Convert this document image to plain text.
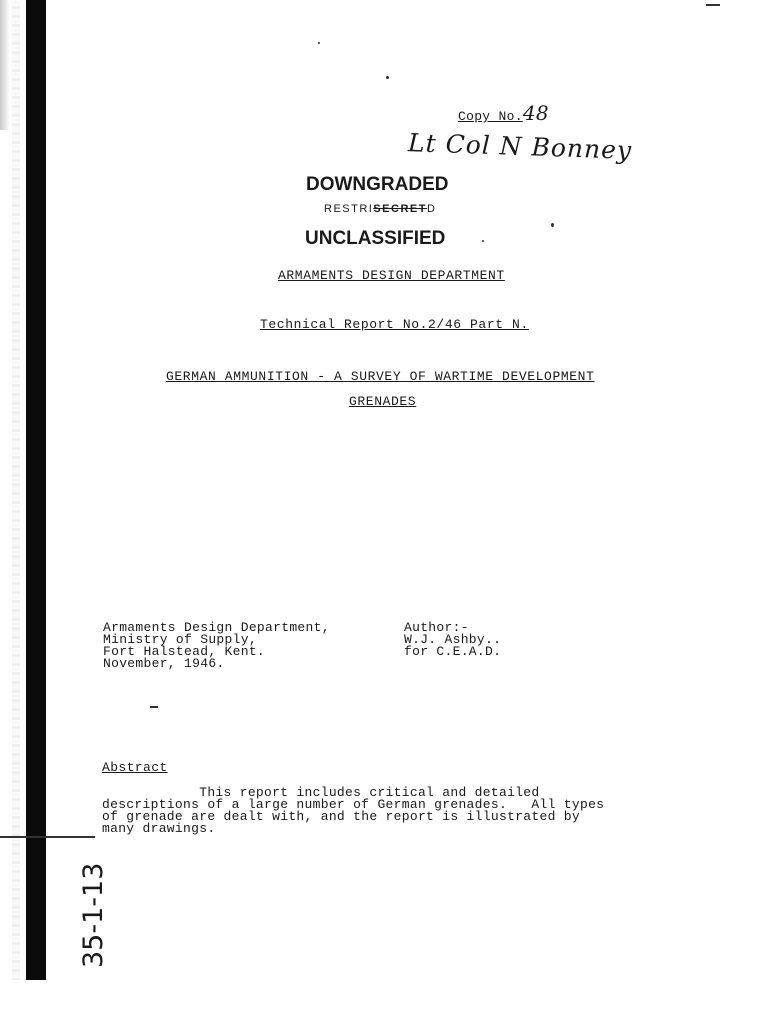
Copy No.48
Lt Col N Bonney
DOWNGRADED
RESTRISECRETD
UNCLASSIFIED
ARMAMENTS DESIGN DEPARTMENT
Technical Report No.2/46 Part N.
GERMAN AMMUNITION - A SURVEY OF WARTIME DEVELOPMENT
GRENADES
Armaments Design Department,
Ministry of Supply,
Fort Halstead, Kent.
November, 1946.
Author:-
W.J. Ashby..
for C.E.A.D.
Abstract
This report includes critical and detailed
descriptions of a large number of German grenades.   All types
of grenade are dealt with, and the report is illustrated by
many drawings.
35-1-13
